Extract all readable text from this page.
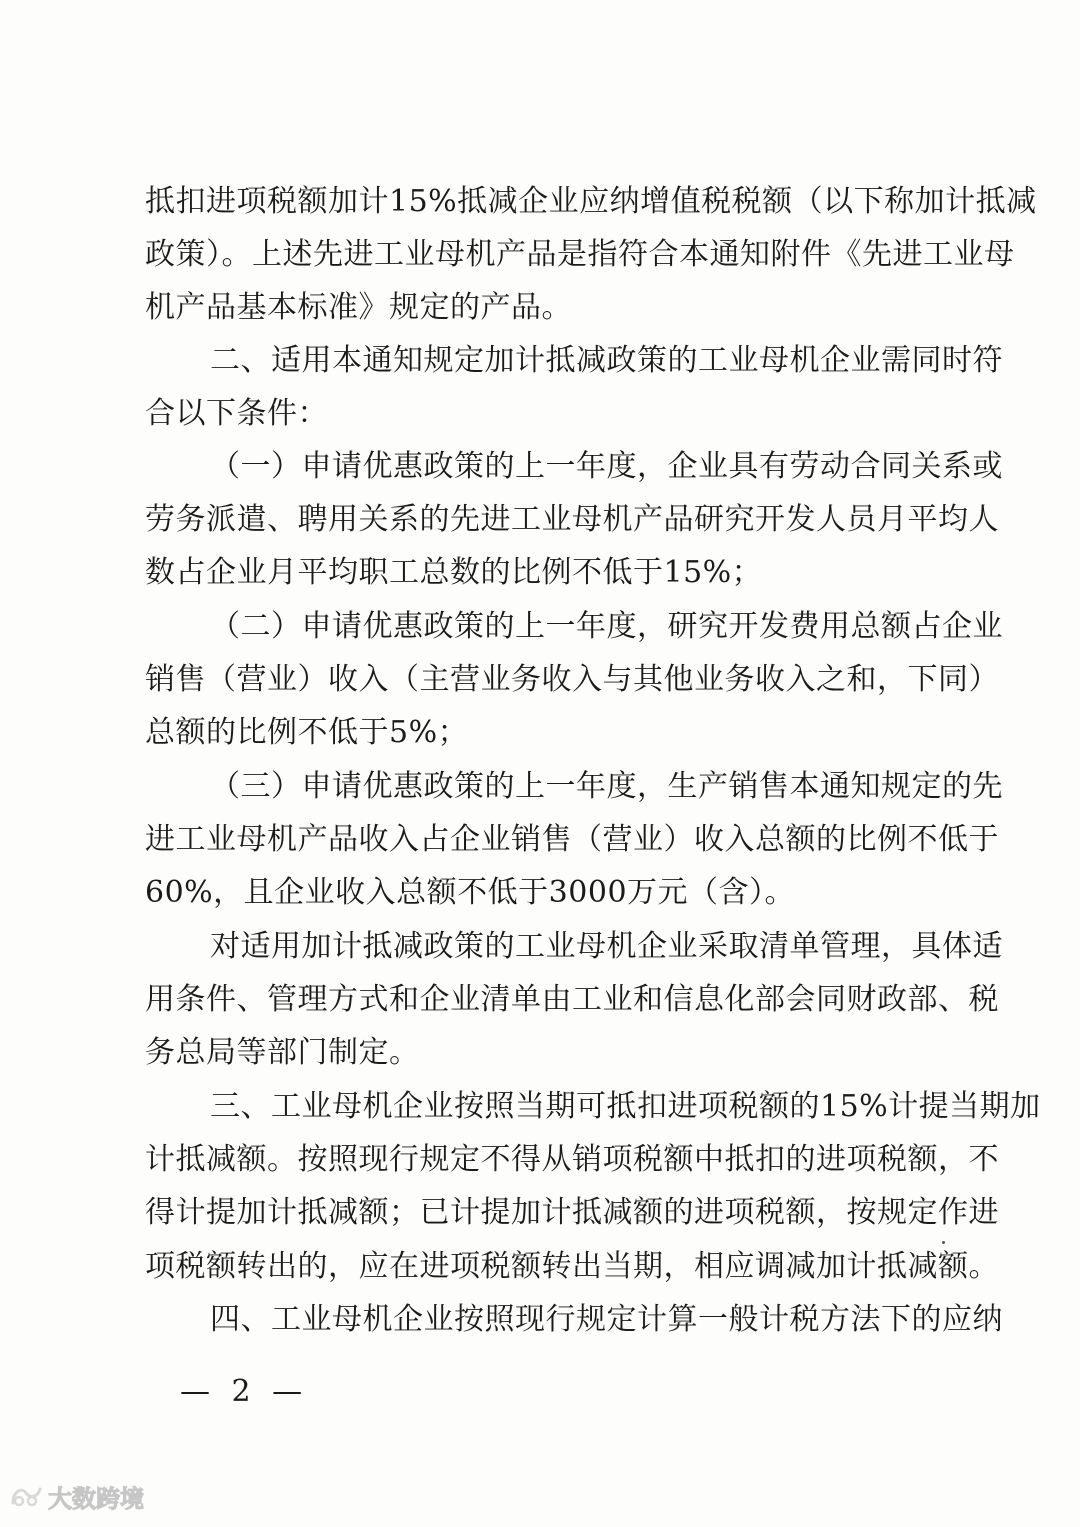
抵扣进项税额加计15%抵减企业应纳增值税税额（以下称加计抵减
政策）。上述先进工业母机产品是指符合本通知附件《先进工业母
机产品基本标准》规定的产品。
二、适用本通知规定加计抵减政策的工业母机企业需同时符
合以下条件：
（一）申请优惠政策的上一年度，企业具有劳动合同关系或
劳务派遣、聘用关系的先进工业母机产品研究开发人员月平均人
数占企业月平均职工总数的比例不低于15%；
（二）申请优惠政策的上一年度，研究开发费用总额占企业
销售（营业）收入（主营业务收入与其他业务收入之和，下同）
总额的比例不低于5%；
（三）申请优惠政策的上一年度，生产销售本通知规定的先
进工业母机产品收入占企业销售（营业）收入总额的比例不低于
60%，且企业收入总额不低于3000万元（含）。
对适用加计抵减政策的工业母机企业采取清单管理，具体适
用条件、管理方式和企业清单由工业和信息化部会同财政部、税
务总局等部门制定。
三、工业母机企业按照当期可抵扣进项税额的15%计提当期加
计抵减额。按照现行规定不得从销项税额中抵扣的进项税额，不
得计提加计抵减额；已计提加计抵减额的进项税额，按规定作进
项税额转出的，应在进项税额转出当期，相应调减加计抵减额。
四、工业母机企业按照现行规定计算一般计税方法下的应纳
— 2 —
大数跨境
